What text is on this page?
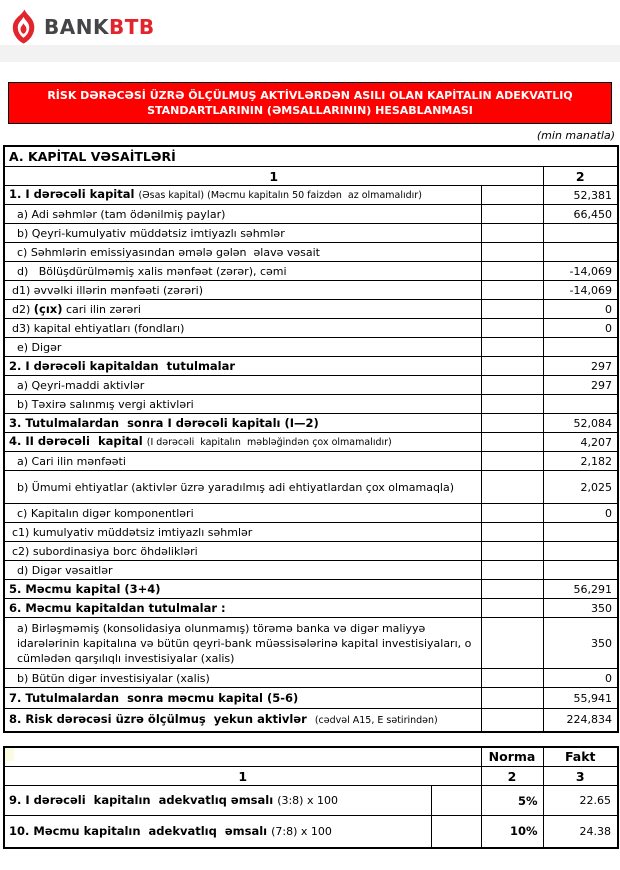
BANKBTB
RİSK DƏRƏCƏSİ ÜZRƏ ÖLÇÜLMUŞ AKTİVLƏRDƏN ASILI OLAN KAPİTALIN ADEKVATLIQ
STANDARTLARININ (ƏMSALLARININ) HESABLANMASI
(min manatla)
A. KAPİTAL VƏSAİTLƏRİ		
1		2
1. I dərəcəli kapital (Əsas kapital) (Məcmu kapitalın 50 faizdən  az olmamalıdır)		52,381
a) Adi səhmlər (tam ödənilmiş paylar)		66,450
b) Qeyri-kumulyativ müddətsiz imtiyazlı səhmlər		
c) Səhmlərin emissiyasından əmələ gələn  əlavə vəsait		
d)   Bölüşdürülməmiş xalis mənfəət (zərər), cəmi		-14,069
d1) əvvəlki illərin mənfəəti (zərəri)		-14,069
d2) (çıx) cari ilin zərəri		0
d3) kapital ehtiyatları (fondları)		0
e) Digər		
2. I dərəcəli kapitaldan  tutulmalar		297
a) Qeyri-maddi aktivlər		297
b) Təxirə salınmış vergi aktivləri		
3. Tutulmalardan  sonra I dərəcəli kapitalı (I—2)		52,084
4. II dərəcəli  kapital (I dərəcəli  kapitalın  məbləğindən çox olmamalıdır)		4,207
a) Cari ilin mənfəəti		2,182
b) Ümumi ehtiyatlar (aktivlər üzrə yaradılmış adi ehtiyatlardan çox olmamaqla)		2,025
c) Kapitalın digər komponentləri		0
c1) kumulyativ müddətsiz imtiyazlı səhmlər		
c2) subordinasiya borc öhdəlikləri		
d) Digər vəsaitlər		
5. Məcmu kapital (3+4)		56,291
6. Məcmu kapitaldan tutulmalar :		350
a) Birləşməmiş (konsolidasiya olunmamış) törəmə banka və digər maliyyə idarələrinin kapitalına və bütün qeyri-bank müəssisələrinə kapital investisiyaları, o cümlədən qarşılıqlı investisiyalar (xalis)		350
b) Bütün digər investisiyalar (xalis)		0
7. Tutulmalardan  sonra məcmu kapital (5-6)		55,941
8. Risk dərəcəsi üzrə ölçülmuş  yekun aktivlər  (cədvəl A15, E sətirindən)		224,834
		Norma	Fakt
1		2	3
9. I dərəcəli  kapitalın  adekvatlıq əmsalı (3:8) x 100		5%	22.65
10. Məcmu kapitalın  adekvatlıq  əmsalı (7:8) x 100		10%	24.38
